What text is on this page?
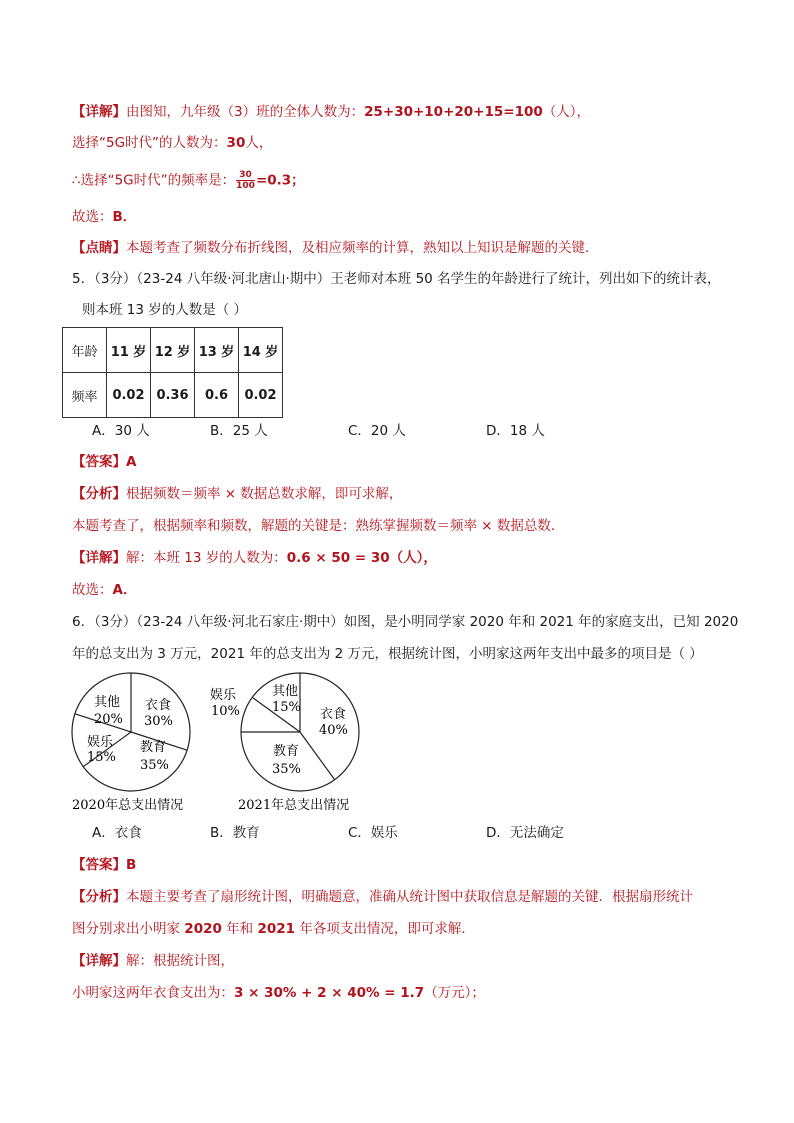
【详解】由图知，九年级（3）班的全体人数为：25+30+10+20+15=100（人），
选择“5G时代”的人数为：30人，
∴选择“5G时代”的频率是： $\frac{30}{100} =0.3$；
故选：B．
【点睛】本题考查了频数分布折线图，及相应频率的计算，熟知以上知识是解题的关键．
5．（3分）（23-24 八年级·河北唐山·期中）王老师对本班 50 名学生的年龄进行了统计，列出如下的统计表，
则本班 13 岁的人数是（ ）
年龄	11 岁	12 岁	13 岁	14 岁
频率	0.02	0.36	0.6	0.02
A．30 人	B．25 人	C．20 人	D．18 人
【答案】A
【分析】根据频数＝频率 × 数据总数求解，即可求解，
本题考查了，根据频率和频数，解题的关键是：熟练掌握频数＝频率 × 数据总数．
【详解】解：本班 13 岁的人数为：0.6 × 50 = 30（人），
故选：A．
6．（3分）（23-24 八年级·河北石家庄·期中）如图，是小明同学家 2020 年和 2021 年的家庭支出，已知 2020
年的总支出为 3 万元，2021 年的总支出为 2 万元，根据统计图，小明家这两年支出中最多的项目是（ ）
其他
20%
衣食
30%
娱乐
15%
教育
35%
2020年总支出情况
娱乐
10%
其他
15% 衣食
40%
教育
35%
2021年总支出情况
A．衣食	B．教育	C．娱乐	D．无法确定
【答案】B
【分析】本题主要考查了扇形统计图，明确题意，准确从统计图中获取信息是解题的关键．根据扇形统计
图分别求出小明家 2020 年和 2021 年各项支出情况，即可求解．
【详解】解：根据统计图，
小明家这两年衣食支出为：3 × 30% + 2 × 40% = 1.7（万元）；
